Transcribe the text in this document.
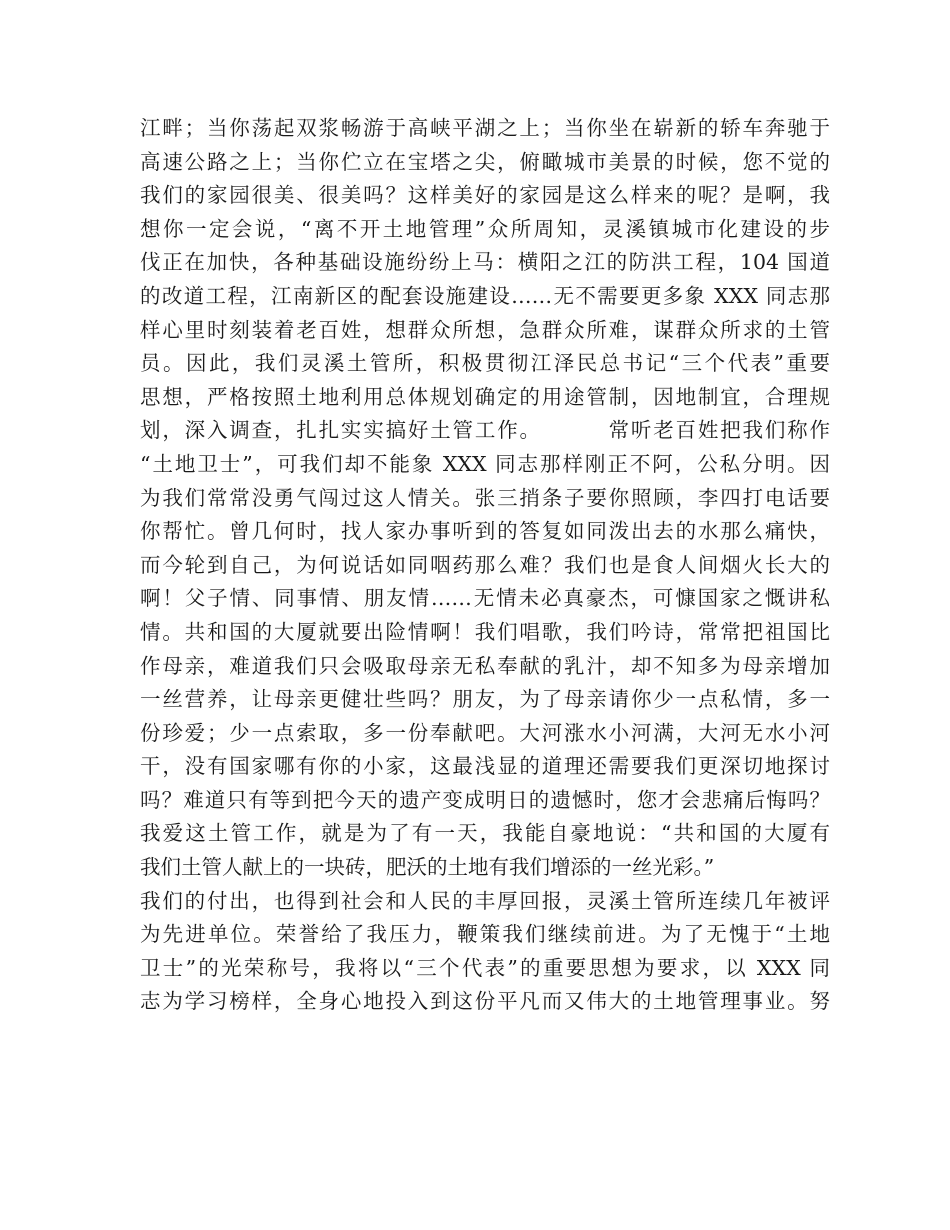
江畔；当你荡起双浆畅游于高峡平湖之上；当你坐在崭新的轿车奔驰于
高速公路之上；当你伫立在宝塔之尖，俯瞰城市美景的时候，您不觉的
我们的家园很美、很美吗？这样美好的家园是这么样来的呢？是啊，我
想你一定会说，“离不开土地管理”众所周知，灵溪镇城市化建设的步
伐正在加快，各种基础设施纷纷上马：横阳之江的防洪工程，104 国道
的改道工程，江南新区的配套设施建设……无不需要更多象 XXX 同志那
样心里时刻装着老百姓，想群众所想，急群众所难，谋群众所求的土管
员。因此，我们灵溪土管所，积极贯彻江泽民总书记“三个代表”重要
思想，严格按照土地利用总体规划确定的用途管制，因地制宜，合理规
划，深入调查，扎扎实实搞好土管工作。        常听老百姓把我们称作
“土地卫士”，可我们却不能象 XXX 同志那样刚正不阿，公私分明。因
为我们常常没勇气闯过这人情关。张三捎条子要你照顾，李四打电话要
你帮忙。曾几何时，找人家办事听到的答复如同泼出去的水那么痛快，
而今轮到自己，为何说话如同咽药那么难？我们也是食人间烟火长大的
啊！父子情、同事情、朋友情……无情未必真豪杰，可慷国家之慨讲私
情。共和国的大厦就要出险情啊！我们唱歌，我们吟诗，常常把祖国比
作母亲，难道我们只会吸取母亲无私奉献的乳汁，却不知多为母亲增加
一丝营养，让母亲更健壮些吗？朋友，为了母亲请你少一点私情，多一
份珍爱；少一点索取，多一份奉献吧。大河涨水小河满，大河无水小河
干，没有国家哪有你的小家，这最浅显的道理还需要我们更深切地探讨
吗？难道只有等到把今天的遗产变成明日的遗憾时，您才会悲痛后悔吗？
我爱这土管工作，就是为了有一天，我能自豪地说：“共和国的大厦有
我们土管人献上的一块砖，肥沃的土地有我们增添的一丝光彩。”
我们的付出，也得到社会和人民的丰厚回报，灵溪土管所连续几年被评
为先进单位。荣誉给了我压力，鞭策我们继续前进。为了无愧于“土地
卫士”的光荣称号，我将以“三个代表”的重要思想为要求，以 XXX 同
志为学习榜样，全身心地投入到这份平凡而又伟大的土地管理事业。努
